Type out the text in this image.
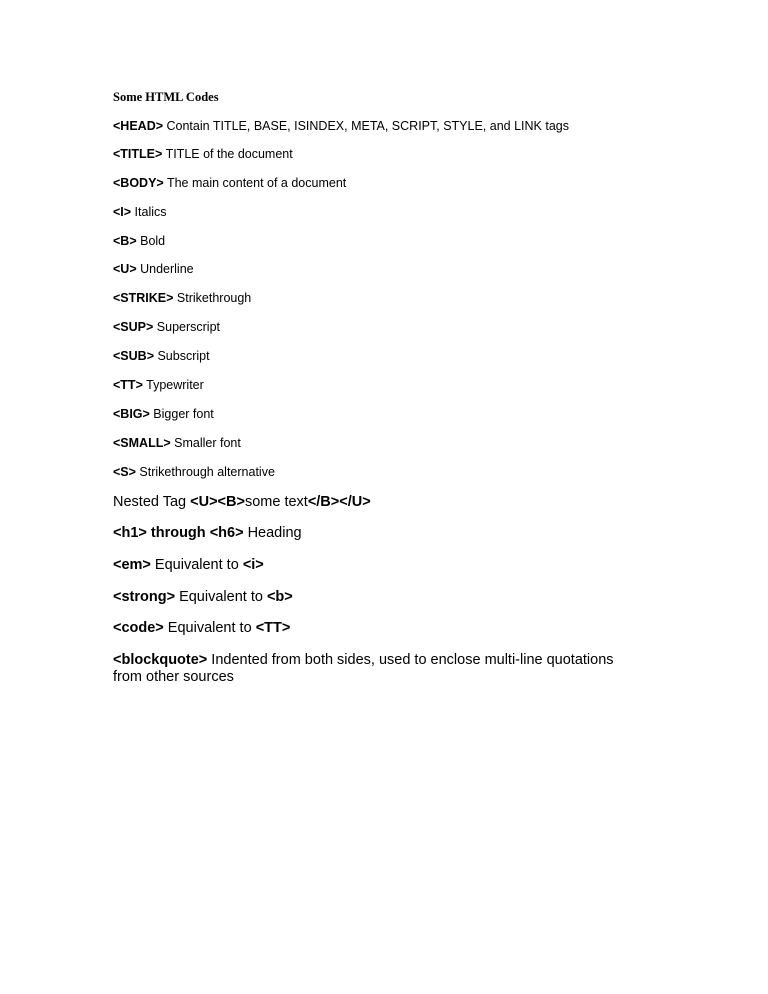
Some HTML Codes
<HEAD> Contain TITLE, BASE, ISINDEX, META, SCRIPT, STYLE, and LINK tags
<TITLE> TITLE of the document
<BODY> The main content of a document
<I> Italics
<B> Bold
<U> Underline
<STRIKE> Strikethrough
<SUP> Superscript
<SUB> Subscript
<TT> Typewriter
<BIG> Bigger font
<SMALL> Smaller font
<S> Strikethrough alternative
Nested Tag <U><B>some text</B></U>
<h1> through <h6> Heading
<em> Equivalent to <i>
<strong> Equivalent to <b>
<code> Equivalent to <TT>
<blockquote> Indented from both sides, used to enclose multi-line quotations from other sources
